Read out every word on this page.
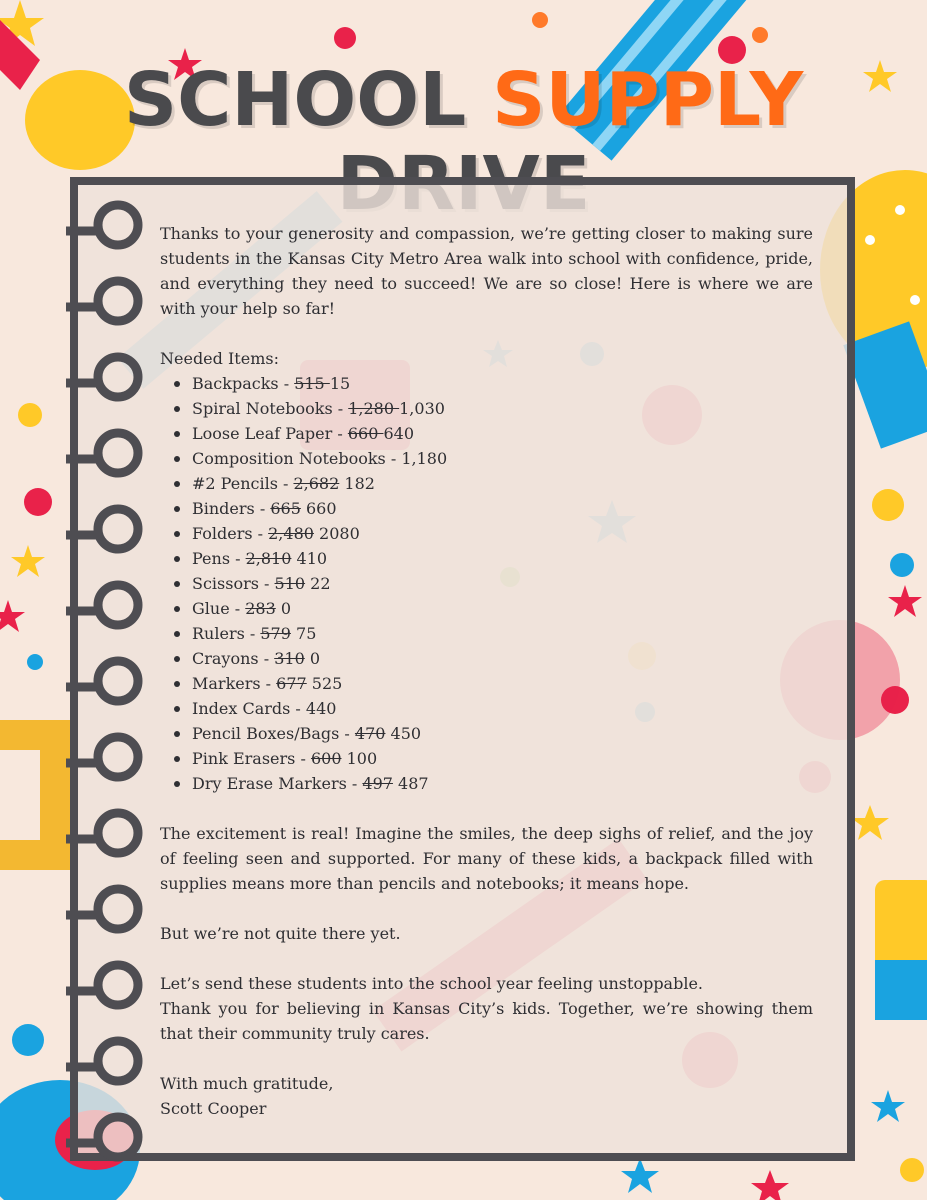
SCHOOL SUPPLY

Thanks to your generosity and compassion, we’re getting closer to making sure students in the Kansas City Metro Area walk into school with confidence, pride, and everything they need to succeed! We are so close! Here is where we are with your help so far!

Needed Items:

Backpacks - 515 15
Spiral Notebooks - 1,280 1,030
Loose Leaf Paper - 660 640
Composition Notebooks - 1,180
#2 Pencils - 2,682 182
Binders - 665 660
Folders - 2,480 2080
Pens - 2,810 410
Scissors - 510 22
Glue - 283 0
Rulers - 579 75
Crayons - 310 0
Markers - 677 525
Index Cards - 440
Pencil Boxes/Bags - 470 450
Pink Erasers - 600 100
Dry Erase Markers - 497 487

The excitement is real! Imagine the smiles, the deep sighs of relief, and the joy of feeling seen and supported. For many of these kids, a backpack filled with supplies means more than pencils and notebooks; it means hope.

But we’re not quite there yet.

Let’s send these students into the school year feeling unstoppable.

Thank you for believing in Kansas City’s kids. Together, we’re showing them that their community truly cares.

With much gratitude,

Scott Cooper
